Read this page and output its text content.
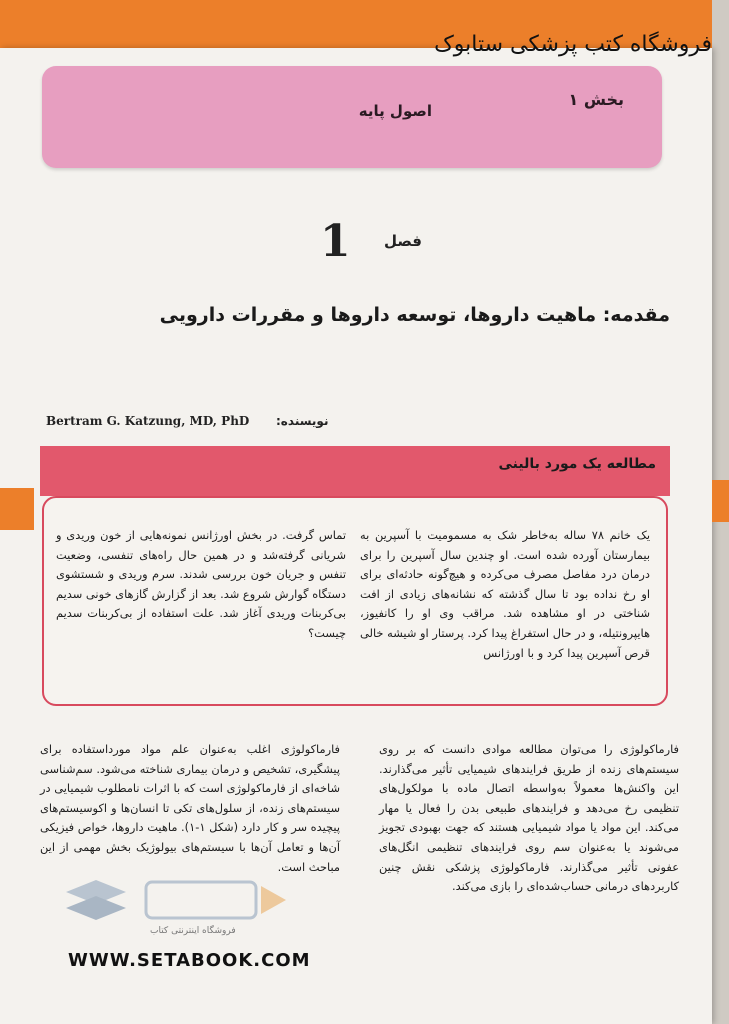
فروشگاه کتب پزشکی ستابوک
بخش ۱
اصول پایه
فصل
1
مقدمه: ماهیت داروها، توسعه داروها و مقررات دارویی
Bertram G. Katzung, MD, PhD نویسنده:
مطالعه یک مورد بالینی
یک خانم ۷۸ ساله به‌خاطر شک به مسمومیت با آسپرین به بیمارستان آورده شده است. او چندین سال آسپرین را برای درمان درد مفاصل مصرف می‌کرده و هیچ‌گونه حادثه‌ای برای او رخ نداده بود تا سال گذشته که نشانه‌های زیادی از افت شناختی در او مشاهده شد. مراقب وی او را کانفیوز، هایپرونتیله، و در حال استفراغ پیدا کرد. پرستار او شیشه خالی قرص آسپرین پیدا کرد و با اورژانس
تماس گرفت. در بخش اورژانس نمونه‌هایی از خون وریدی و شریانی گرفته‌شد و در همین حال راه‌های تنفسی، وضعیت تنفس و جریان خون بررسی شدند. سرم وریدی و شستشوی دستگاه گوارش شروع شد. بعد از گزارش گازهای خونی سدیم بی‌کربنات وریدی آغاز شد. علت استفاده از بی‌کربنات سدیم چیست؟
فارماکولوژی را می‌توان مطالعه موادی دانست که بر روی سیستم‌های زنده از طریق فرایندهای شیمیایی تأثیر می‌گذارند. این واکنش‌ها معمولاً به‌واسطه اتصال ماده با مولکول‌های تنظیمی رخ می‌دهد و فرایندهای طبیعی بدن را فعال یا مهار می‌کند. این مواد یا مواد شیمیایی هستند که جهت بهبودی تجویز می‌شوند یا به‌عنوان سم روی فرایندهای تنظیمی انگل‌های عفونی تأثیر می‌گذارند. فارماکولوژی پزشکی نقش چنین کاربردهای درمانی حساب‌شده‌ای را بازی می‌کند.
فارماکولوژی اغلب به‌عنوان علم مواد مورداستفاده برای پیشگیری، تشخیص و درمان بیماری شناخته می‌شود. سم‌شناسی شاخه‌ای از فارماکولوژی است که با اثرات نامطلوب شیمیایی در سیستم‌های زنده، از سلول‌های تکی تا انسان‌ها و اکوسیستم‌های پیچیده سر و کار دارد (شکل ۱-۱). ماهیت داروها، خواص فیزیکی آن‌ها و تعامل آن‌ها با سیستم‌های بیولوژیک بخش مهمی از این مباحث است.
فروشگاه اینترنتی کتاب
WWW.SETABOOK.COM
